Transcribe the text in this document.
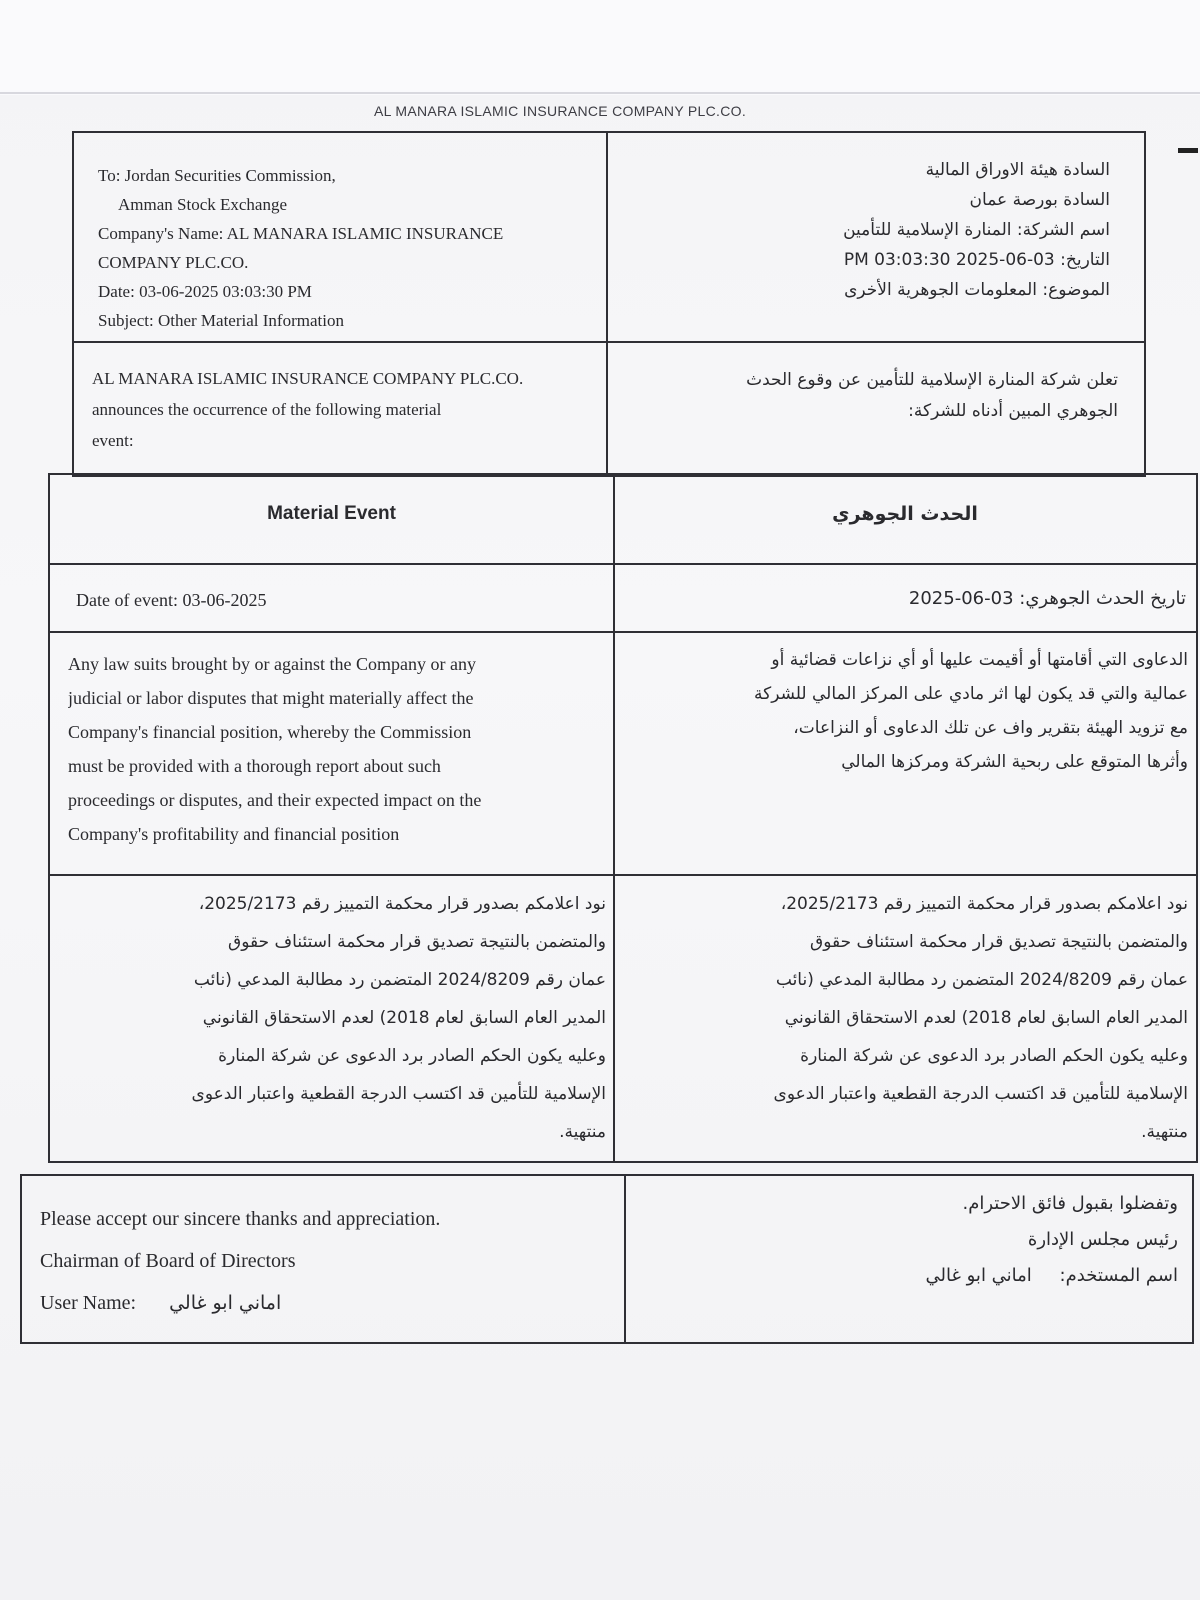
AL MANARA ISLAMIC INSURANCE COMPANY PLC.CO.
To: Jordan Securities Commission,
Amman Stock Exchange
Company's Name: AL MANARA ISLAMIC INSURANCE
COMPANY PLC.CO.
Date: 03-06-2025 03:03:30 PM
Subject: Other Material Information
السادة هيئة الاوراق المالية
السادة بورصة عمان
اسم الشركة: المنارة الإسلامية للتأمين
التاريخ: 03-06-2025 03:03:30 PM
الموضوع: المعلومات الجوهرية الأخرى
AL MANARA ISLAMIC INSURANCE COMPANY PLC.CO.
announces the occurrence of the following material
event:
تعلن شركة المنارة الإسلامية للتأمين عن وقوع الحدث
الجوهري المبين أدناه للشركة:
Material Event	الحدث الجوهري
Date of event: 03-06-2025	تاريخ الحدث الجوهري: 03-06-2025
Any law suits brought by or against the Company or any
judicial or labor disputes that might materially affect the
Company's financial position, whereby the Commission
must be provided with a thorough report about such
proceedings or disputes, and their expected impact on the
Company's profitability and financial position
الدعاوى التي أقامتها أو أقيمت عليها أو أي نزاعات قضائية أو
عمالية والتي قد يكون لها اثر مادي على المركز المالي للشركة
مع تزويد الهيئة بتقرير واف عن تلك الدعاوى أو النزاعات،
وأثرها المتوقع على ربحية الشركة ومركزها المالي
نود اعلامكم بصدور قرار محكمة التمييز رقم 2025/2173،
والمتضمن بالنتيجة تصديق قرار محكمة استئناف حقوق
عمان رقم 2024/8209 المتضمن رد مطالبة المدعي (نائب
المدير العام السابق لعام 2018) لعدم الاستحقاق القانوني
وعليه يكون الحكم الصادر برد الدعوى عن شركة المنارة
الإسلامية للتأمين قد اكتسب الدرجة القطعية واعتبار الدعوى
منتهية.
نود اعلامكم بصدور قرار محكمة التمييز رقم 2025/2173،
والمتضمن بالنتيجة تصديق قرار محكمة استئناف حقوق
عمان رقم 2024/8209 المتضمن رد مطالبة المدعي (نائب
المدير العام السابق لعام 2018) لعدم الاستحقاق القانوني
وعليه يكون الحكم الصادر برد الدعوى عن شركة المنارة
الإسلامية للتأمين قد اكتسب الدرجة القطعية واعتبار الدعوى
منتهية.
Please accept our sincere thanks and appreciation.
Chairman of Board of Directors
User Name: اماني ابو غالي
وتفضلوا بقبول فائق الاحترام.
رئيس مجلس الإدارة
اسم المستخدم: اماني ابو غالي
